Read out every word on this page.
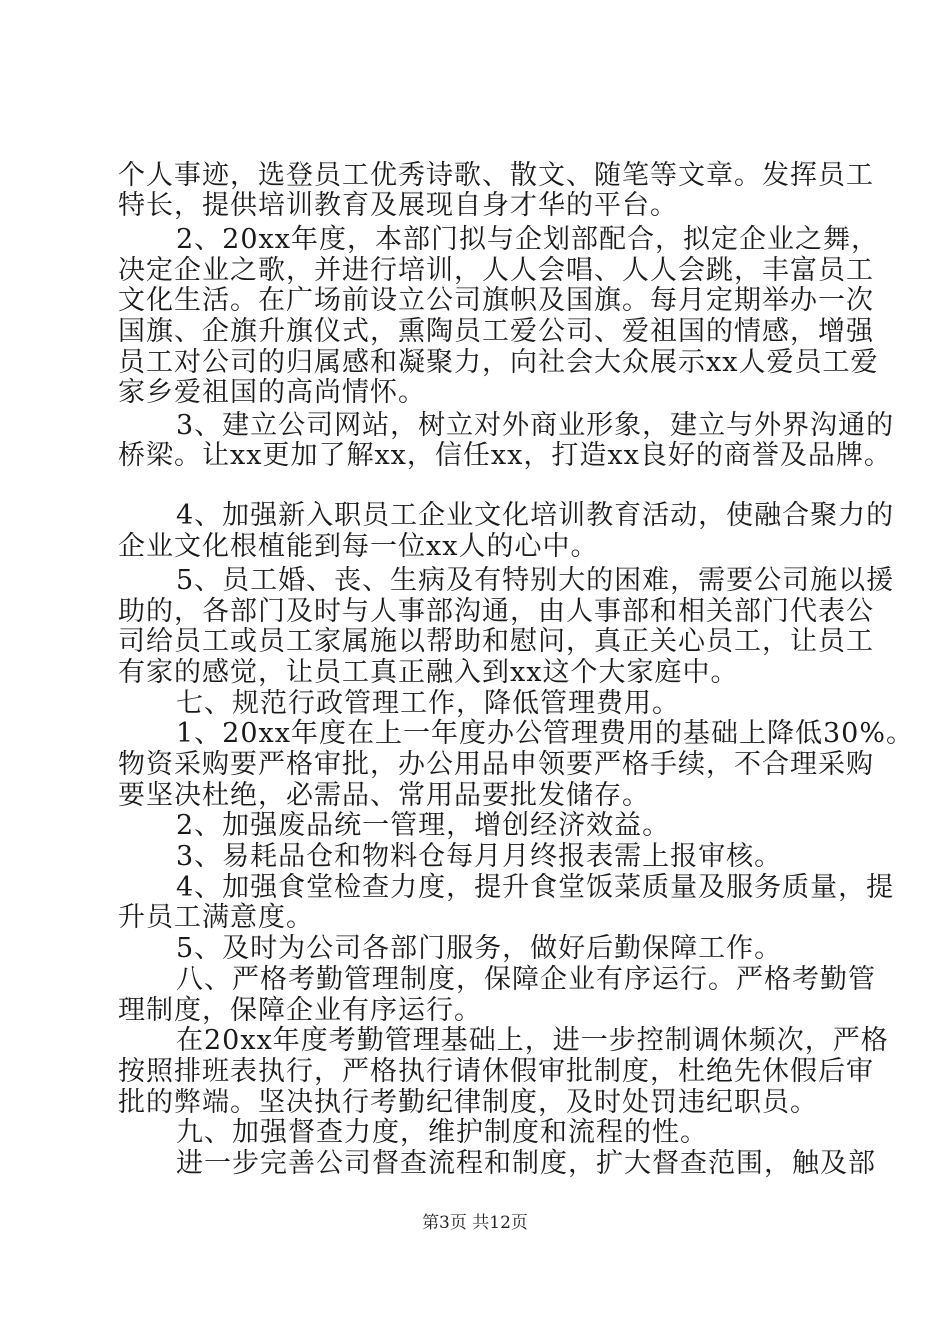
个人事迹，选登员工优秀诗歌、散文、随笔等文章。发挥员工
特长，提供培训教育及展现自身才华的平台。
2、20xx年度，本部门拟与企划部配合，拟定企业之舞，
决定企业之歌，并进行培训，人人会唱、人人会跳，丰富员工
文化生活。在广场前设立公司旗帜及国旗。每月定期举办一次
国旗、企旗升旗仪式，熏陶员工爱公司、爱祖国的情感，增强
员工对公司的归属感和凝聚力，向社会大众展示xx人爱员工爱
家乡爱祖国的高尚情怀。
3、建立公司网站，树立对外商业形象，建立与外界沟通的
桥梁。让xx更加了解xx，信任xx，打造xx良好的商誉及品牌。
4、加强新入职员工企业文化培训教育活动，使融合聚力的
企业文化根植能到每一位xx人的心中。
5、员工婚、丧、生病及有特别大的困难，需要公司施以援
助的，各部门及时与人事部沟通，由人事部和相关部门代表公
司给员工或员工家属施以帮助和慰问，真正关心员工，让员工
有家的感觉，让员工真正融入到xx这个大家庭中。
七、规范行政管理工作，降低管理费用。
1、20xx年度在上一年度办公管理费用的基础上降低30%。
物资采购要严格审批，办公用品申领要严格手续，不合理采购
要坚决杜绝，必需品、常用品要批发储存。
2、加强废品统一管理，增创经济效益。
3、易耗品仓和物料仓每月月终报表需上报审核。
4、加强食堂检查力度，提升食堂饭菜质量及服务质量，提
升员工满意度。
5、及时为公司各部门服务，做好后勤保障工作。
八、严格考勤管理制度，保障企业有序运行。严格考勤管
理制度，保障企业有序运行。
在20xx年度考勤管理基础上，进一步控制调休频次，严格
按照排班表执行，严格执行请休假审批制度，杜绝先休假后审
批的弊端。坚决执行考勤纪律制度，及时处罚违纪职员。
九、加强督查力度，维护制度和流程的性。
进一步完善公司督查流程和制度，扩大督查范围，触及部
第3页 共12页
